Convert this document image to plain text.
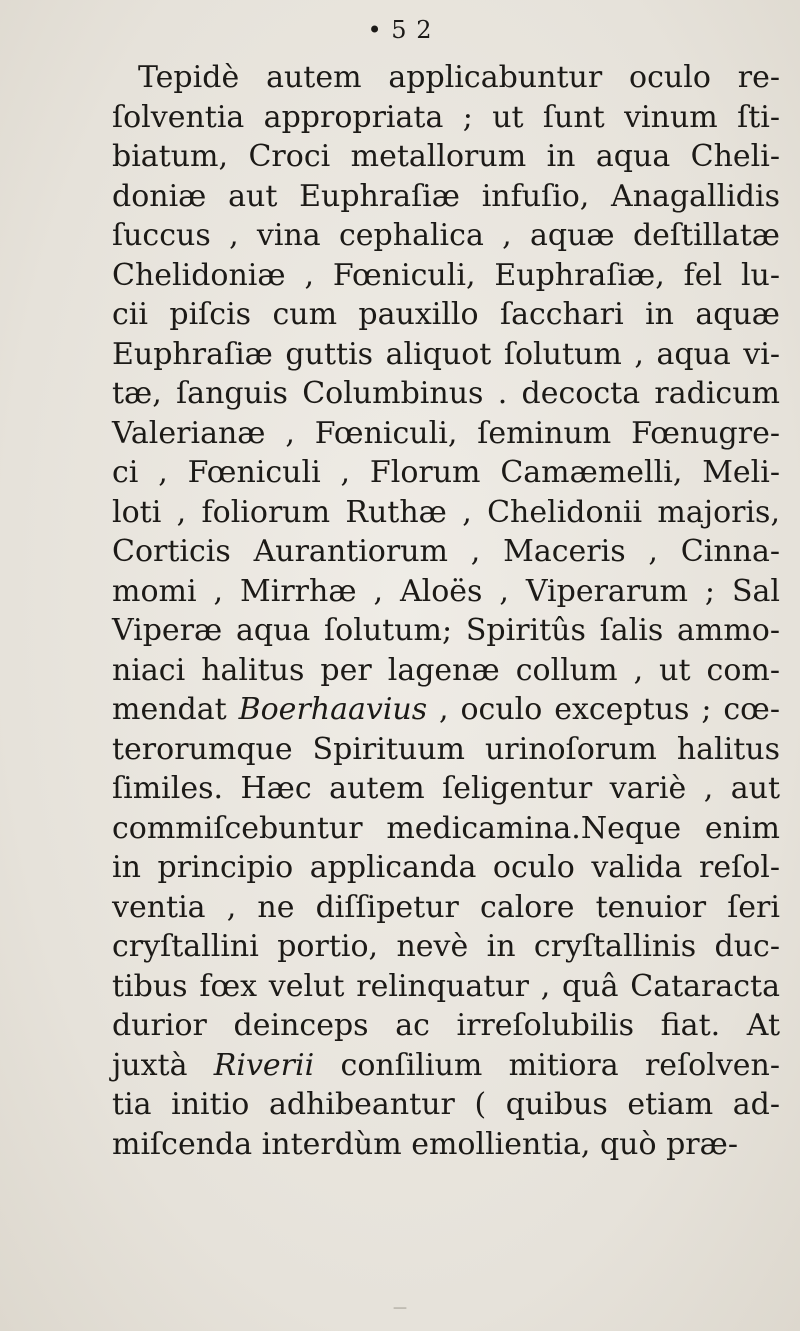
• 5 2
Tepidè autem applicabuntur oculo re-
ſolventia appropriata ; ut ſunt vinum ſti-
biatum, Croci metallorum in aqua Cheli-
doniæ aut Euphraſiæ infuſio, Anagallidis
ſuccus , vina cephalica , aquæ deſtillatæ
Chelidoniæ , Fœniculi, Euphraſiæ, fel lu-
cii piſcis cum pauxillo ſacchari in aquæ
Euphraſiæ guttis aliquot ſolutum , aqua vi-
tæ, ſanguis Columbinus . decocta radicum
Valerianæ , Fœniculi, ſeminum Fœnugre-
ci , Fœniculi , Florum Camæmelli, Meli-
loti , foliorum Ruthæ , Chelidonii majoris,
Corticis Aurantiorum , Maceris , Cinna-
momi , Mirrhæ , Aloës , Viperarum ; Sal
Viperæ aqua ſolutum; Spiritûs ſalis ammo-
niaci halitus per lagenæ collum , ut com-
mendat Boerhaavius , oculo exceptus ; cœ-
terorumque Spirituum urinoſorum halitus
ſimiles. Hæc autem ſeligentur variè , aut
commiſcebuntur medicamina.Neque enim
in principio applicanda oculo valida reſol-
ventia , ne diſſipetur calore tenuior ſeri
cryſtallini portio, nevè in cryſtallinis duc-
tibus fœx velut relinquatur , quâ Cataracta
durior deinceps ac irreſolubilis fiat. At
juxtà Riverii conſilium mitiora reſolven-
tia initio adhibeantur ( quibus etiam ad-
miſcenda interdùm emollientia, quò præ-
—
